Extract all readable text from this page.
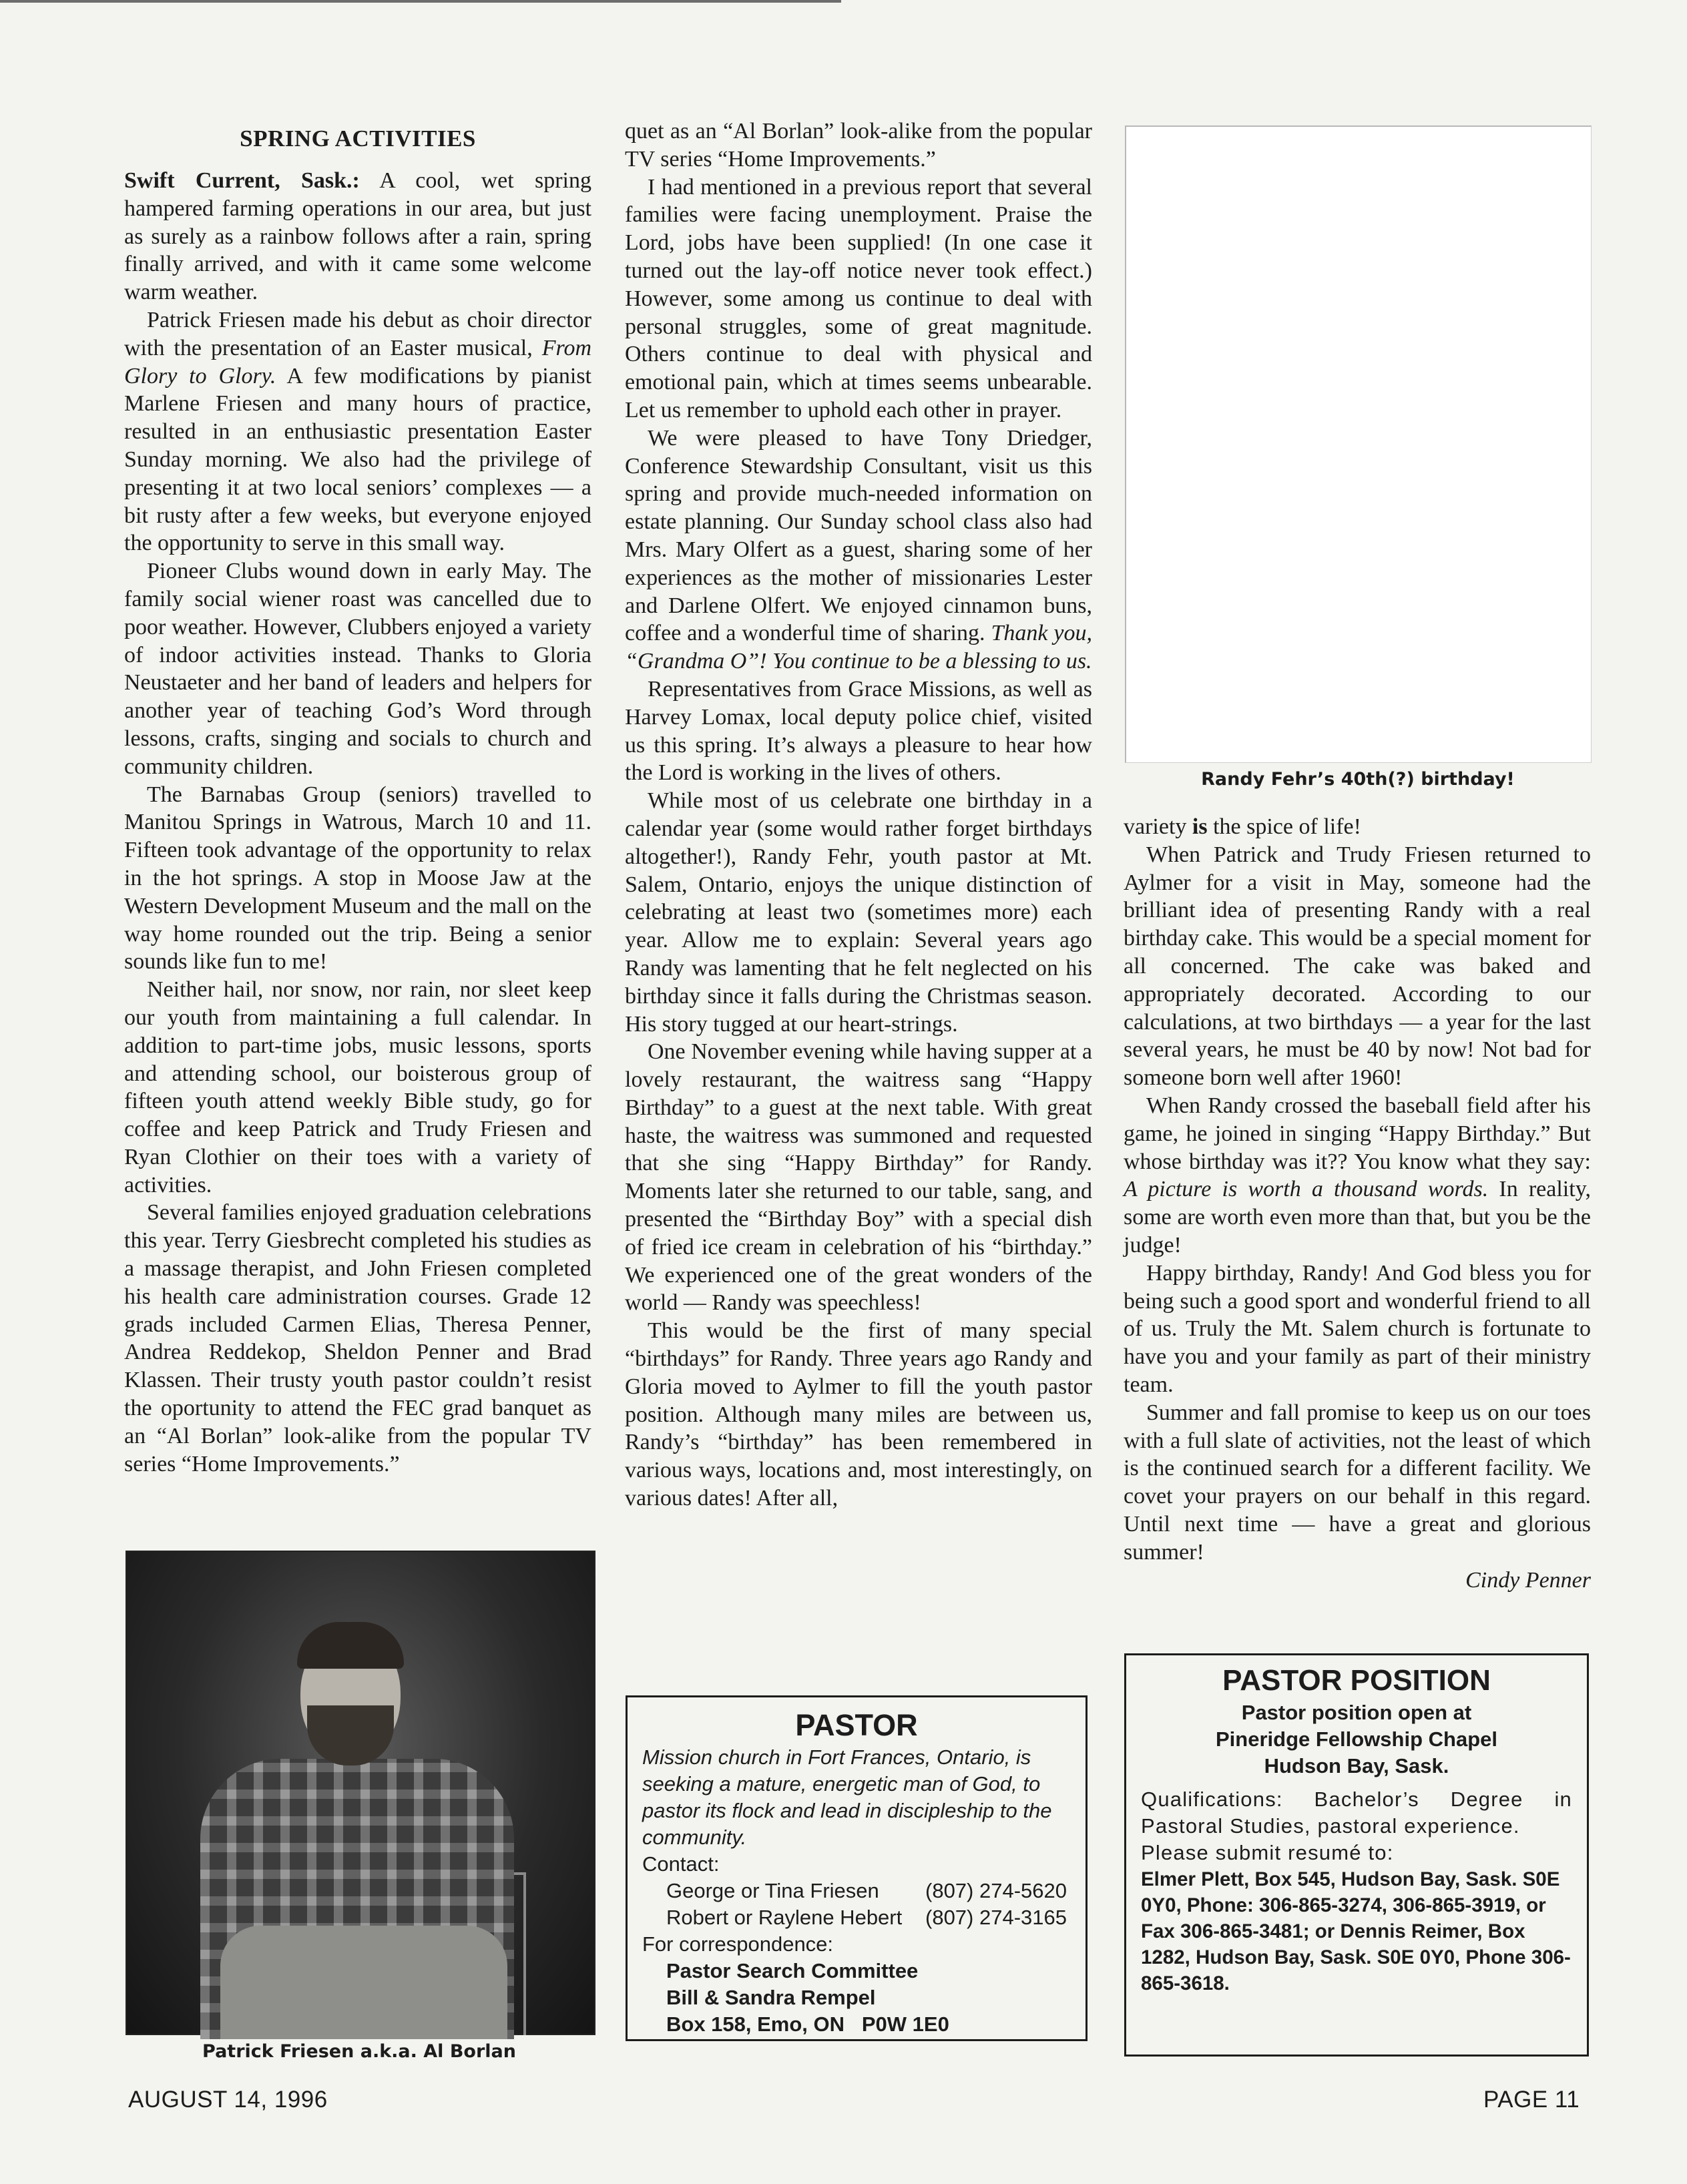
SPRING ACTIVITIES

Swift Current, Sask.: A cool, wet spring hampered farming operations in our area, but just as surely as a rainbow follows after a rain, spring finally arrived, and with it came some welcome warm weather.

Patrick Friesen made his debut as choir director with the presentation of an Easter musical, From Glory to Glory. A few modifications by pianist Marlene Friesen and many hours of practice, resulted in an enthusiastic presentation Easter Sunday morning. We also had the privilege of presenting it at two local seniors’ complexes — a bit rusty after a few weeks, but everyone enjoyed the opportunity to serve in this small way.

Pioneer Clubs wound down in early May. The family social wiener roast was cancelled due to poor weather. However, Clubbers enjoyed a variety of indoor activities instead. Thanks to Gloria Neustaeter and her band of leaders and helpers for another year of teaching God’s Word through lessons, crafts, singing and socials to church and community children.

The Barnabas Group (seniors) travelled to Manitou Springs in Watrous, March 10 and 11. Fifteen took advantage of the opportunity to relax in the hot springs. A stop in Moose Jaw at the Western Development Museum and the mall on the way home rounded out the trip. Being a senior sounds like fun to me!

Neither hail, nor snow, nor rain, nor sleet keep our youth from maintaining a full calendar. In addition to part-time jobs, music lessons, sports and attending school, our boisterous group of fifteen youth attend weekly Bible study, go for coffee and keep Patrick and Trudy Friesen and Ryan Clothier on their toes with a variety of activities.

Several families enjoyed graduation celebrations this year. Terry Giesbrecht completed his studies as a massage therapist, and John Friesen completed his health care administration courses. Grade 12 grads included Carmen Elias, Theresa Penner, Andrea Reddekop, Sheldon Penner and Brad Klassen. Their trusty youth pastor couldn’t resist the oportunity to attend the FEC grad banquet as an “Al Borlan” look-alike from the popular TV series “Home Improvements.”

Patrick Friesen a.k.a. Al Borlan

quet as an “Al Borlan” look-alike from the popular TV series “Home Improvements.”

I had mentioned in a previous report that several families were facing unemployment. Praise the Lord, jobs have been supplied! (In one case it turned out the lay-off notice never took effect.) However, some among us continue to deal with personal struggles, some of great magnitude. Others continue to deal with physical and emotional pain, which at times seems unbearable. Let us remember to uphold each other in prayer.

We were pleased to have Tony Driedger, Conference Stewardship Consultant, visit us this spring and provide much-needed information on estate planning. Our Sunday school class also had Mrs. Mary Olfert as a guest, sharing some of her experiences as the mother of missionaries Lester and Darlene Olfert. We enjoyed cinnamon buns, coffee and a wonderful time of sharing. Thank you, “Grandma O”! You continue to be a blessing to us.

Representatives from Grace Missions, as well as Harvey Lomax, local deputy police chief, visited us this spring. It’s always a pleasure to hear how the Lord is working in the lives of others.

While most of us celebrate one birthday in a calendar year (some would rather forget birthdays altogether!), Randy Fehr, youth pastor at Mt. Salem, Ontario, enjoys the unique distinction of celebrating at least two (sometimes more) each year. Allow me to explain: Several years ago Randy was lamenting that he felt neglected on his birthday since it falls during the Christmas season. His story tugged at our heart-strings.

One November evening while having supper at a lovely restaurant, the waitress sang “Happy Birthday” to a guest at the next table. With great haste, the waitress was summoned and requested that she sing “Happy Birthday” for Randy. Moments later she returned to our table, sang, and presented the “Birthday Boy” with a special dish of fried ice cream in celebration of his “birthday.” We experienced one of the great wonders of the world — Randy was speechless!

This would be the first of many special “birthdays” for Randy. Three years ago Randy and Gloria moved to Aylmer to fill the youth pastor position. Although many miles are between us, Randy’s “birthday” has been remembered in various ways, locations and, most interestingly, on various dates! After all,

PASTOR
Mission church in Fort Frances, Ontario, is seeking a mature, energetic man of God, to pastor its flock and lead in discipleship to the community.
Contact:
George or Tina Friesen	(807) 274-5620
Robert or Raylene Hebert	(807) 274-3165
For correspondence:
Pastor Search Committee
Bill & Sandra Rempel
Box 158, Emo, ON   P0W 1E0
Randy Fehr’s 40th(?) birthday!

variety is the spice of life!

When Patrick and Trudy Friesen returned to Aylmer for a visit in May, someone had the brilliant idea of presenting Randy with a real birthday cake. This would be a special moment for all concerned. The cake was baked and appropriately decorated. According to our calculations, at two birthdays — a year for the last several years, he must be 40 by now! Not bad for someone born well after 1960!

When Randy crossed the baseball field after his game, he joined in singing “Happy Birthday.” But whose birthday was it?? You know what they say: A picture is worth a thousand words. In reality, some are worth even more than that, but you be the judge!

Happy birthday, Randy! And God bless you for being such a good sport and wonderful friend to all of us. Truly the Mt. Salem church is fortunate to have you and your family as part of their ministry team.

Summer and fall promise to keep us on our toes with a full slate of activities, not the least of which is the continued search for a different facility. We covet your prayers on our behalf in this regard. Until next time — have a great and glorious summer!

Cindy Penner

PASTOR POSITION
Pastor position open at
Pineridge Fellowship Chapel
Hudson Bay, Sask.
Qualifications: Bachelor’s Degree in Pastoral Studies, pastoral experience.
Please submit resumé to:
Elmer Plett, Box 545, Hudson Bay, Sask. S0E 0Y0, Phone: 306-865-3274, 306-865-3919, or Fax 306-865-3481; or Dennis Reimer, Box 1282, Hudson Bay, Sask. S0E 0Y0, Phone 306-865-3618.
AUGUST 14, 1996	PAGE 11
